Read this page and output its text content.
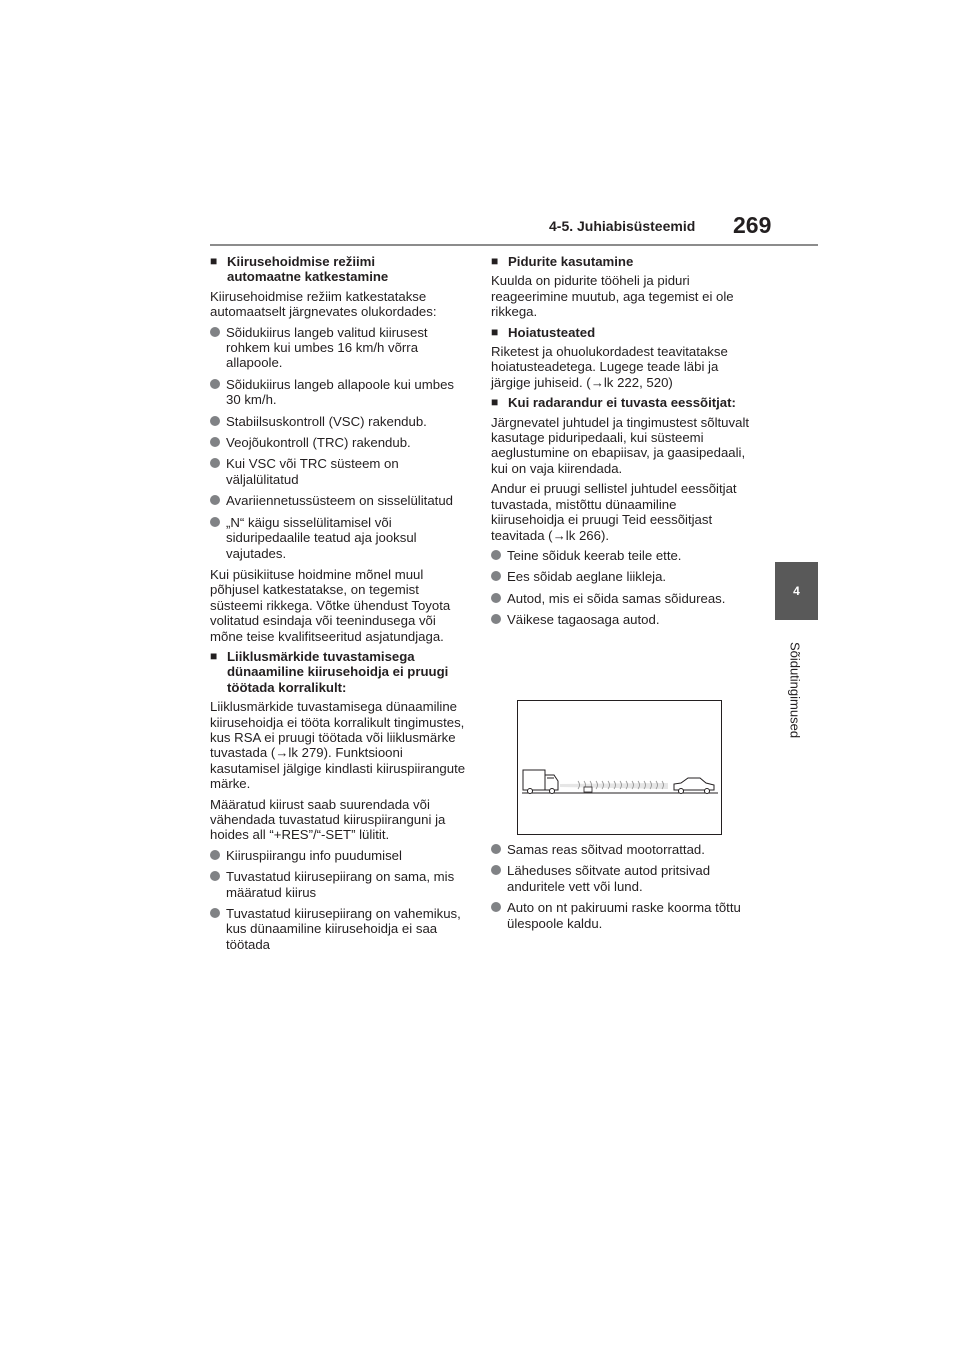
4-5. Juhiabisüsteemid 269
4
Sõidutingimused
■ Kiirusehoidmise režiimi
automaatne katkestamine

Kiirusehoidmise režiim katkestatakse automaatselt järgnevates olukordades:

Sõidukiirus langeb valitud kiirusest rohkem kui umbes 16 km/h võrra allapoole.
Sõidukiirus langeb allapoole kui umbes 30 km/h.
Stabiilsuskontroll (VSC) rakendub.
Veojõukontroll (TRC) rakendub.
Kui VSC või TRC süsteem on väljalülitatud
Avariiennetussüsteem on sisselülitatud
„N“ käigu sisselülitamisel või siduripedaalile teatud aja jooksul vajutades.

Kui püsikiituse hoidmine mõnel muul põhjusel katkestatakse, on tegemist süsteemi rikkega. Võtke ühendust Toyota volitatud esindaja või teenindusega või mõne teise kvalifitseeritud asjatundjaga.

■ Liiklusmärkide tuvastamisega dünaamiline kiirusehoidja ei pruugi töötada korralikult:

Liiklusmärkide tuvastamisega dünaamiline kiirusehoidja ei tööta korralikult tingimustes, kus RSA ei pruugi töötada või liiklusmärke tuvastada (→lk 279). Funktsiooni kasutamisel jälgige kindlasti kiiruspiirangute märke.

Määratud kiirust saab suurendada või vähendada tuvastatud kiiruspiiranguni ja hoides all “+RES”/“-SET” lülitit.

Kiiruspiirangu info puudumisel
Tuvastatud kiirusepiirang on sama, mis määratud kiirus
Tuvastatud kiirusepiirang on vahemikus, kus dünaamiline kiirusehoidja ei saa töötada
■ Pidurite kasutamine

Kuulda on pidurite tööheli ja piduri reageerimine muutub, aga tegemist ei ole rikkega.

■ Hoiatusteated

Riketest ja ohuolukordadest teavitatakse hoiatusteadetega. Lugege teade läbi ja järgige juhiseid. (→lk 222, 520)

■ Kui radarandur ei tuvasta eessõitjat:

Järgnevatel juhtudel ja tingimustest sõltuvalt kasutage piduripedaali, kui süsteemi aeglustumine on ebapiisav, ja gaasipedaali, kui on vaja kiirendada.

Andur ei pruugi sellistel juhtudel eessõitjat tuvastada, mistõttu dünaamiline kiirusehoidja ei pruugi Teid eessõitjast teavitada (→lk 266).

Teine sõiduk keerab teile ette.
Ees sõidab aeglane liikleja.
Autod, mis ei sõida samas sõidureas.
Väikese tagaosaga autod.
Samas reas sõitvad mootorrattad.
Läheduses sõitvate autod pritsivad anduritele vett või lund.
Auto on nt pakiruumi raske koorma tõttu ülespoole kaldu.
